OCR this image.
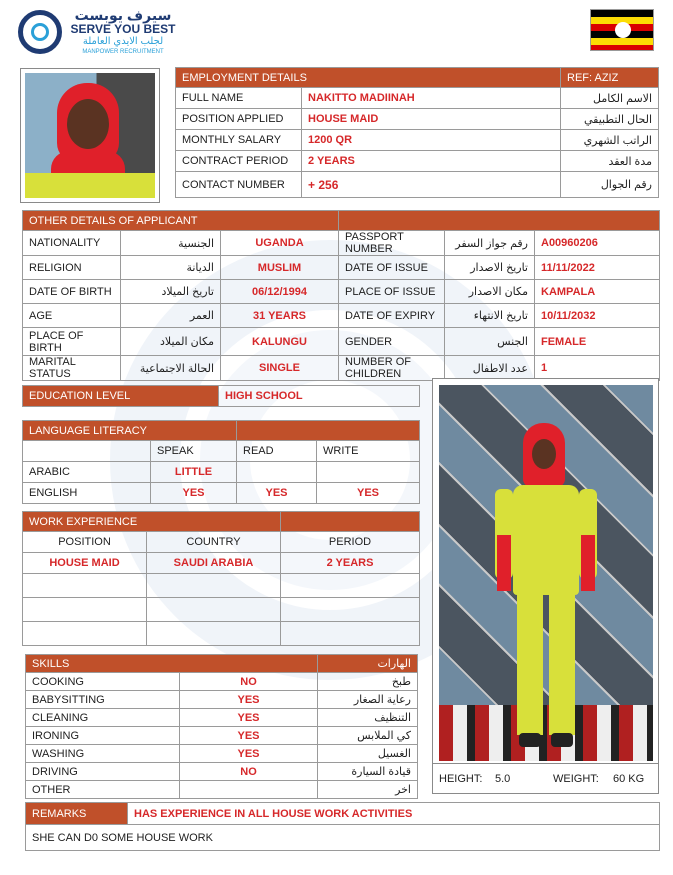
سيرف يوبست
SERVE YOU BEST
لجلب الايدي العاملة
MANPOWER RECRUITMENT
EMPLOYMENT DETAILS		REF: AZIZ
FULL NAME	NAKITTO MADIINAH	الاسم الكامل
POSITION APPLIED	HOUSE MAID	الحال التطبيقي
MONTHLY SALARY	1200 QR	الراتب الشهري
CONTRACT PERIOD	2 YEARS	مدة العقد
CONTACT NUMBER	+ 256	رقم الجوال
OTHER DETAILS OF APPLICANT					
NATIONALITY	الجنسية	UGANDA	PASSPORT NUMBER	رقم جواز السفر	A00960206
RELIGION	الديانة	MUSLIM	DATE OF ISSUE	تاريخ الاصدار	11/11/2022
DATE OF BIRTH	تاريخ الميلاد	06/12/1994	PLACE OF ISSUE	مكان الاصدار	KAMPALA
AGE	العمر	31 YEARS	DATE OF EXPIRY	تاريخ الانتهاء	10/11/2032
PLACE OF BIRTH	مكان الميلاد	KALUNGU	GENDER	الجنس	FEMALE
MARITAL STATUS	الحالة الاجتماعية	SINGLE	NUMBER OF CHILDREN	عدد الاطفال	1
EDUCATION LEVEL	HIGH SCHOOL
LANGUAGE LITERACY			
	SPEAK	READ	WRITE
ARABIC	LITTLE		
ENGLISH	YES	YES	YES
WORK EXPERIENCE		
POSITION	COUNTRY	PERIOD
HOUSE MAID	SAUDI ARABIA	2 YEARS

SKILLS		الهارات
COOKING	NO	طبخ
BABYSITTING	YES	رعاية الصغار
CLEANING	YES	التنظيف
IRONING	YES	كي الملابس
WASHING	YES	الغسيل
DRIVING	NO	قيادة السيارة
OTHER		اخر
HEIGHT: 5.0	WEIGHT: 60 KG
REMARKS	HAS EXPERIENCE IN ALL HOUSE WORK ACTIVITIES
SHE CAN D0 SOME HOUSE WORK
